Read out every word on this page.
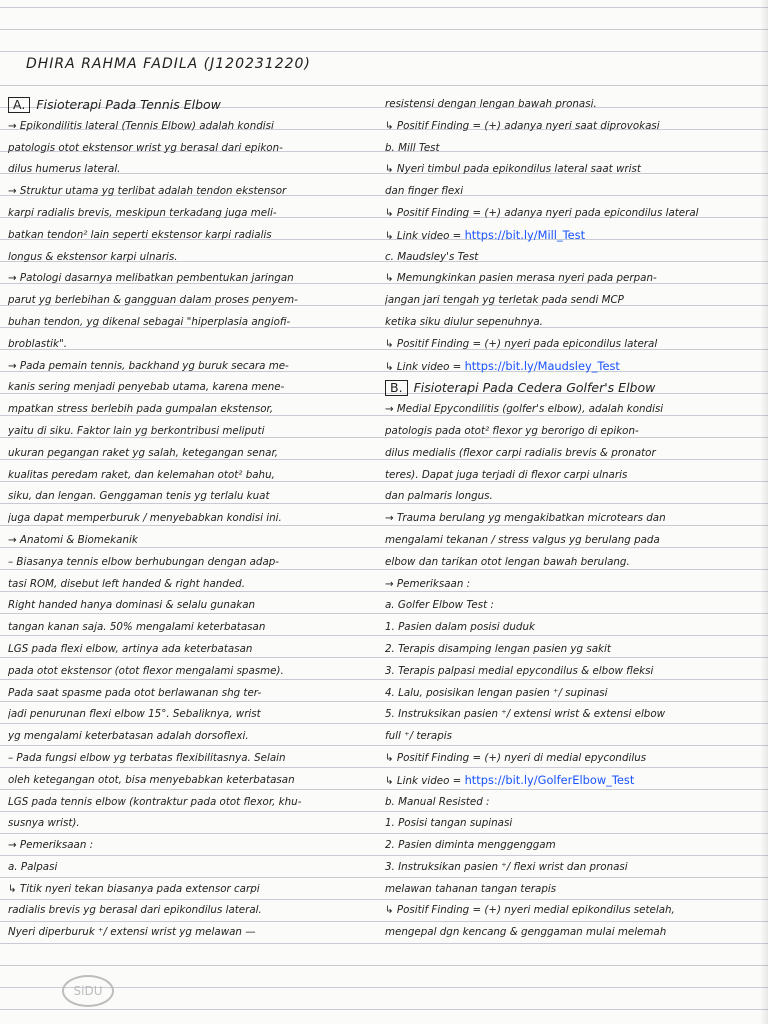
DHIRA RAHMA FADILA (J120231220)
A. Fisioterapi Pada Tennis Elbow
→ Epikondilitis lateral (Tennis Elbow) adalah kondisi
patologis otot ekstensor wrist yg berasal dari epikon-
dilus humerus lateral.
→ Struktur utama yg terlibat adalah tendon ekstensor
karpi radialis brevis, meskipun terkadang juga meli-
batkan tendon² lain seperti ekstensor karpi radialis
longus & ekstensor karpi ulnaris.
→ Patologi dasarnya melibatkan pembentukan jaringan
parut yg berlebihan & gangguan dalam proses penyem-
buhan tendon, yg dikenal sebagai "hiperplasia angiofi-
broblastik".
→ Pada pemain tennis, backhand yg buruk secara me-
kanis sering menjadi penyebab utama, karena mene-
mpatkan stress berlebih pada gumpalan ekstensor,
yaitu di siku. Faktor lain yg berkontribusi meliputi
ukuran pegangan raket yg salah, ketegangan senar,
kualitas peredam raket, dan kelemahan otot² bahu,
siku, dan lengan. Genggaman tenis yg terlalu kuat
juga dapat memperburuk / menyebabkan kondisi ini.
→ Anatomi & Biomekanik
– Biasanya tennis elbow berhubungan dengan adap-
tasi ROM, disebut left handed & right handed.
Right handed hanya dominasi & selalu gunakan
tangan kanan saja. 50% mengalami keterbatasan
LGS pada flexi elbow, artinya ada keterbatasan
pada otot ekstensor (otot flexor mengalami spasme).
Pada saat spasme pada otot berlawanan shg ter-
jadi penurunan flexi elbow 15°. Sebaliknya, wrist
yg mengalami keterbatasan adalah dorsoflexi.
– Pada fungsi elbow yg terbatas flexibilitasnya. Selain
oleh ketegangan otot, bisa menyebabkan keterbatasan
LGS pada tennis elbow (kontraktur pada otot flexor, khu-
susnya wrist).
→ Pemeriksaan :
a. Palpasi
↳ Titik nyeri tekan biasanya pada extensor carpi
radialis brevis yg berasal dari epikondilus lateral.
Nyeri diperburuk ⁺/ extensi wrist yg melawan —
resistensi dengan lengan bawah pronasi.
↳ Positif Finding = (+) adanya nyeri saat diprovokasi
b. Mill Test
↳ Nyeri timbul pada epikondilus lateral saat wrist
dan finger flexi
↳ Positif Finding = (+) adanya nyeri pada epicondilus lateral
↳ Link video = https://bit.ly/Mill_Test
c. Maudsley's Test
↳ Memungkinkan pasien merasa nyeri pada perpan-
jangan jari tengah yg terletak pada sendi MCP
ketika siku diulur sepenuhnya.
↳ Positif Finding = (+) nyeri pada epicondilus lateral
↳ Link video = https://bit.ly/Maudsley_Test
B. Fisioterapi Pada Cedera Golfer's Elbow
→ Medial Epycondilitis (golfer's elbow), adalah kondisi
patologis pada otot² flexor yg berorigo di epikon-
dilus medialis (flexor carpi radialis brevis & pronator
teres). Dapat juga terjadi di flexor carpi ulnaris
dan palmaris longus.
→ Trauma berulang yg mengakibatkan microtears dan
mengalami tekanan / stress valgus yg berulang pada
elbow dan tarikan otot lengan bawah berulang.
→ Pemeriksaan :
a. Golfer Elbow Test :
1. Pasien dalam posisi duduk
2. Terapis disamping lengan pasien yg sakit
3. Terapis palpasi medial epycondilus & elbow fleksi
4. Lalu, posisikan lengan pasien ⁺/ supinasi
5. Instruksikan pasien ⁺/ extensi wrist & extensi elbow
full ⁺/ terapis
↳ Positif Finding = (+) nyeri di medial epycondilus
↳ Link video = https://bit.ly/GolferElbow_Test
b. Manual Resisted :
1. Posisi tangan supinasi
2. Pasien diminta menggenggam
3. Instruksikan pasien ⁺/ flexi wrist dan pronasi
melawan tahanan tangan terapis
↳ Positif Finding = (+) nyeri medial epikondilus setelah,
mengepal dgn kencang & genggaman mulai melemah
SiDU
